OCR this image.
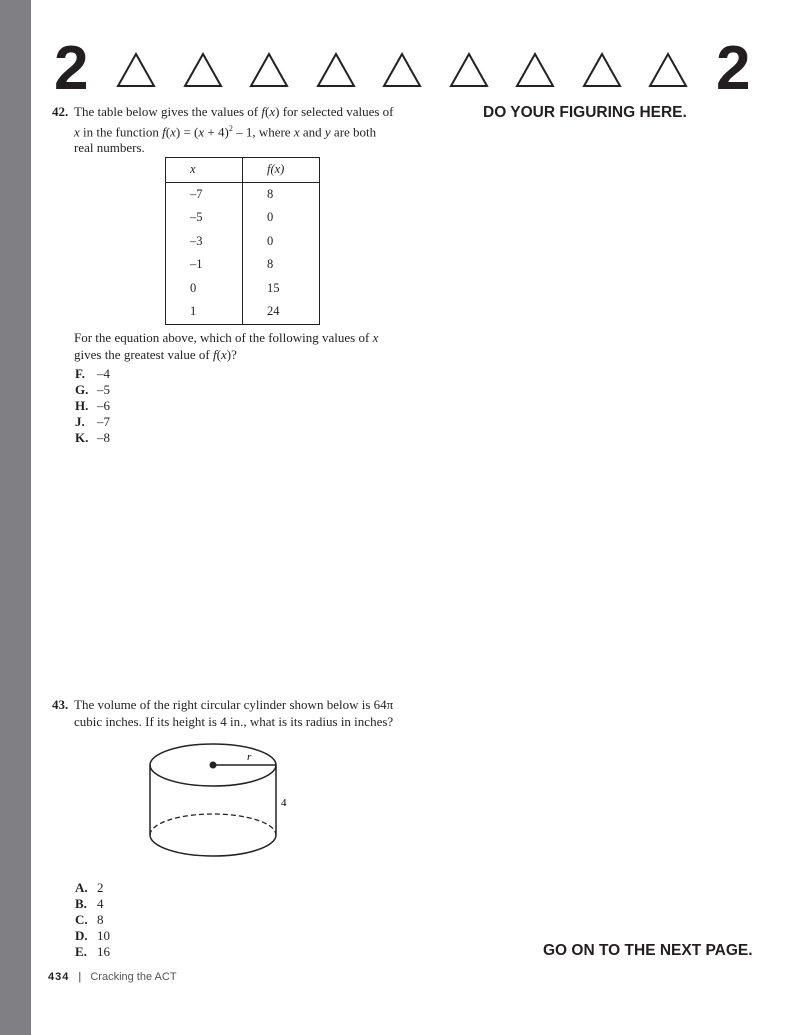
2	2
DO YOUR FIGURING HERE.
42. The table below gives the values of f(x) for selected values of x in the function $f(x) = (x + 4)^2 - 1$, where x and y are both real numbers.
x	f(x)
–7	8
–5	0
–3	0
–1	8
0	15
1	24
For the equation above, which of the following values of x gives the greatest value of f(x)?
F. –4
G. –5
H. –6
J. –7
K. –8
43. The volume of the right circular cylinder shown below is 64π cubic inches. If its height is 4 in., what is its radius in inches?
r
4
A. 2
B. 4
C. 8
D. 10
E. 16	GO ON TO THE NEXT PAGE.
434 | Cracking the ACT
